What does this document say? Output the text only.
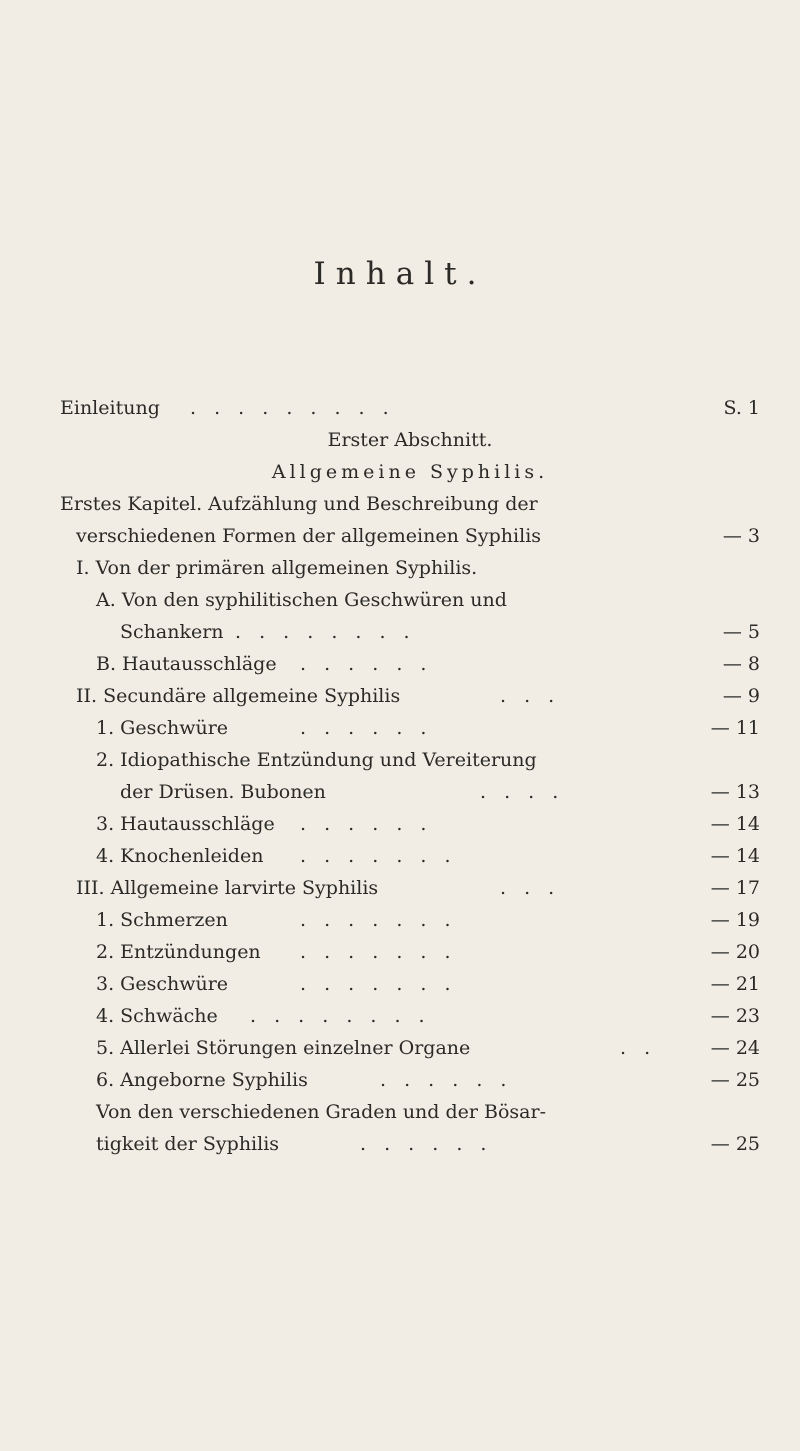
Inhalt.
Einleitung . . . . . . . . .	S. 1
Erster Abschnitt.
Allgemeine Syphilis.
Erstes Kapitel. Aufzählung und Beschreibung der
verschiedenen Formen der allgemeinen Syphilis	— 3
I. Von der primären allgemeinen Syphilis.
A. Von den syphilitischen Geschwüren und
Schankern . . . . . . . .	— 5
B. Hautausschläge . . . . . .	— 8
II. Secundäre allgemeine Syphilis	. . .	— 9
1. Geschwüre	. . . . . .	— 11
2. Idiopathische Entzündung und Vereiterung
der Drüsen. Bubonen	. . . .	— 13
3. Hautausschläge . . . . . .	— 14
4. Knochenleiden . . . . . . .	— 14
III. Allgemeine larvirte Syphilis	. . .	— 17
1. Schmerzen	. . . . . . .	— 19
2. Entzündungen . . . . . . .	— 20
3. Geschwüre	. . . . . . .	— 21
4. Schwäche . . . . . . . .	— 23
5. Allerlei Störungen einzelner Organe	. .	— 24
6. Angeborne Syphilis	. . . . . .	— 25
Von den verschiedenen Graden und der Bösar-
tigkeit der Syphilis	. . . . . .	— 25
